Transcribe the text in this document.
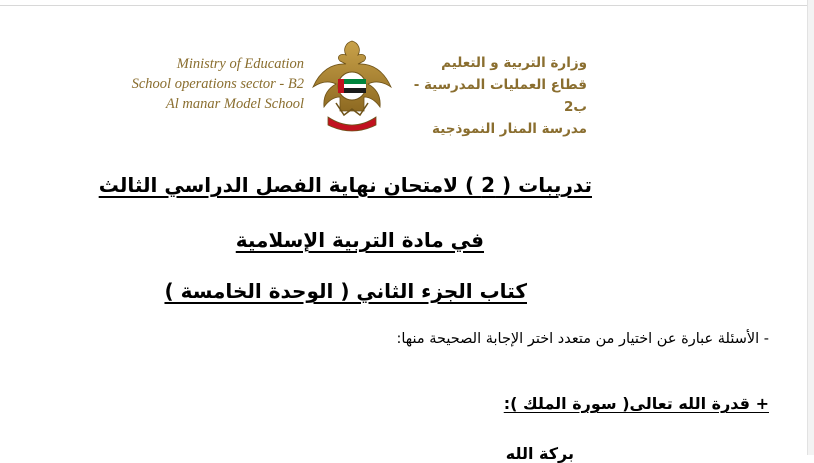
Ministry of Education
School operations sector - B2
Al manar Model School
وزارة التربية و التعليم
قطاع العمليات المدرسية - ب2
مدرسة المنار النموذجية
تدريبات ( 2 ) لامتحان نهاية الفصل الدراسي الثالث
في مادة التربية الإسلامية
كتاب الجزء الثاني ( الوحدة الخامسة )
- الأسئلة عبارة عن اختيار من متعدد اختر الإجابة الصحيحة منها:
+ قدرة الله تعالى( سورة الملك ):
بركة الله
